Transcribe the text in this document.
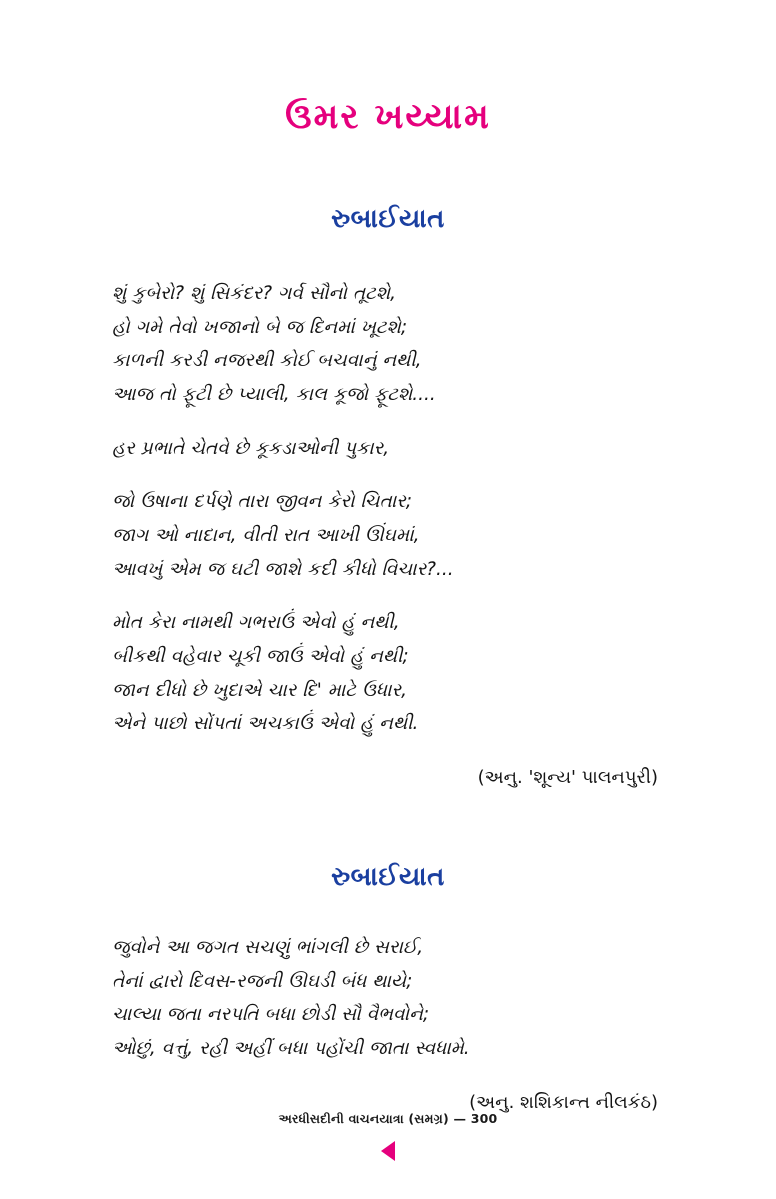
ઉમર ખય્યામ
રુબાઈયાત
શું કુબેરો? શું સિકંદર? ગર્વ સૌનો તૂટશે,
હો ગમે તેવો ખજાનો બે જ દિનમાં ખૂટશે;
કાળની કરડી નજરથી કોઈ બચવાનું નથી,
આજ તો ફૂટી છે પ્યાલી, કાલ કૂજો ફૂટશે....
હર પ્રભાતે ચેતવે છે કૂકડાઓની પુકાર,
જો ઉષાના દર્પણે તારા જીવન કેરો ચિતાર;
જાગ ઓ નાદાન, વીતી રાત આખી ઊંઘમાં,
આવખું એમ જ ઘટી જાશે કદી કીધો વિચાર?...
મોત કેરા નામથી ગભરાઉં એવો હું નથી,
બીકથી વહેવાર ચૂકી જાઉં એવો હું નથી;
જાન દીધો છે ખુદાએ ચાર દિ' માટે ઉધાર,
એને પાછો સોંપતાં અચકાઉં એવો હું નથી.
(અનુ. 'શૂન્ય' પાલનપુરી)
રુબાઈયાત
જુવોને આ જગત સચણું ભાંગલી છે સરાઈ,
તેનાં દ્વારો દિવસ-રજની ઊઘડી બંધ થાયે;
ચાલ્યા જતા નરપતિ બધા છોડી સૌ વૈભવોને;
ઓછું, વત્તું, રહી અહીં બધા પહોંચી જાતા સ્વધામે.
(અનુ. શશિકાન્ત નીલકંઠ)
અરધીસદીની વાચનયાત્રા (સમગ્ર) — 300
